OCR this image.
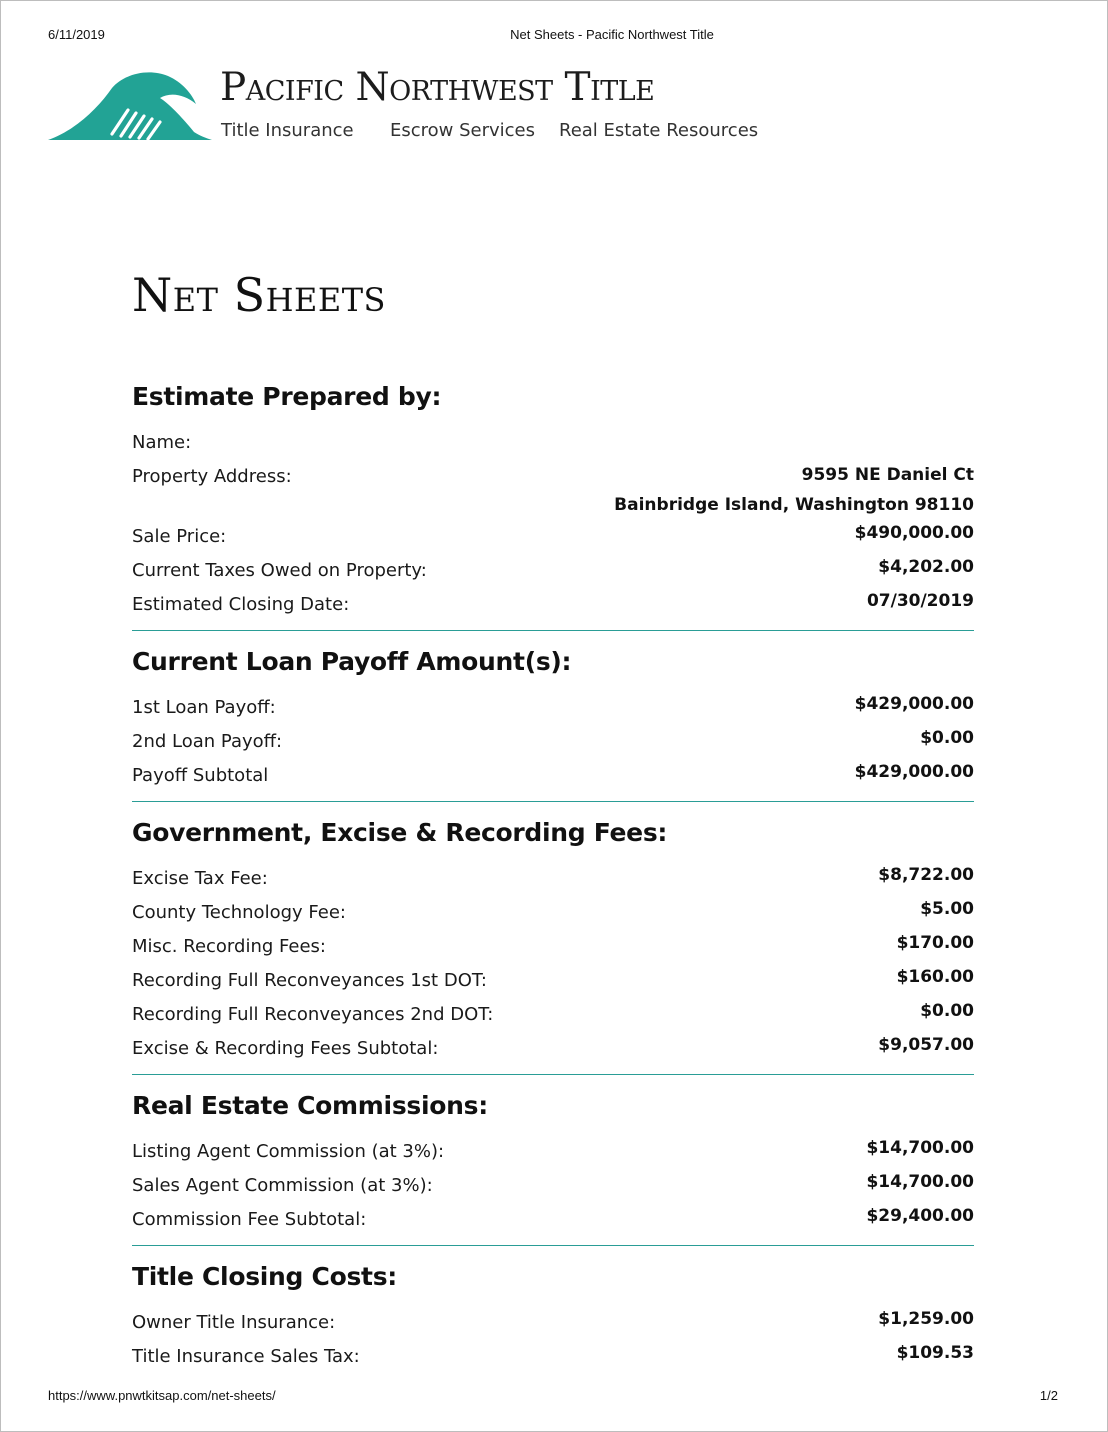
6/11/2019	Net Sheets - Pacific Northwest Title
Pacific Northwest Title
Title Insurance Escrow Services Real Estate Resources
Net Sheets
Estimate Prepared by:
Name:
Property Address:	9595 NE Daniel Ct
Bainbridge Island, Washington 98110
Sale Price:	$490,000.00
Current Taxes Owed on Property:	$4,202.00
Estimated Closing Date:	07/30/2019
Current Loan Payoff Amount(s):
1st Loan Payoff:	$429,000.00
2nd Loan Payoff:	$0.00
Payoff Subtotal	$429,000.00
Government, Excise & Recording Fees:
Excise Tax Fee:	$8,722.00
County Technology Fee:	$5.00
Misc. Recording Fees:	$170.00
Recording Full Reconveyances 1st DOT:	$160.00
Recording Full Reconveyances 2nd DOT:	$0.00
Excise & Recording Fees Subtotal:	$9,057.00
Real Estate Commissions:
Listing Agent Commission (at 3%):	$14,700.00
Sales Agent Commission (at 3%):	$14,700.00
Commission Fee Subtotal:	$29,400.00
Title Closing Costs:
Owner Title Insurance:	$1,259.00
Title Insurance Sales Tax:	$109.53
https://www.pnwtkitsap.com/net-sheets/	1/2
